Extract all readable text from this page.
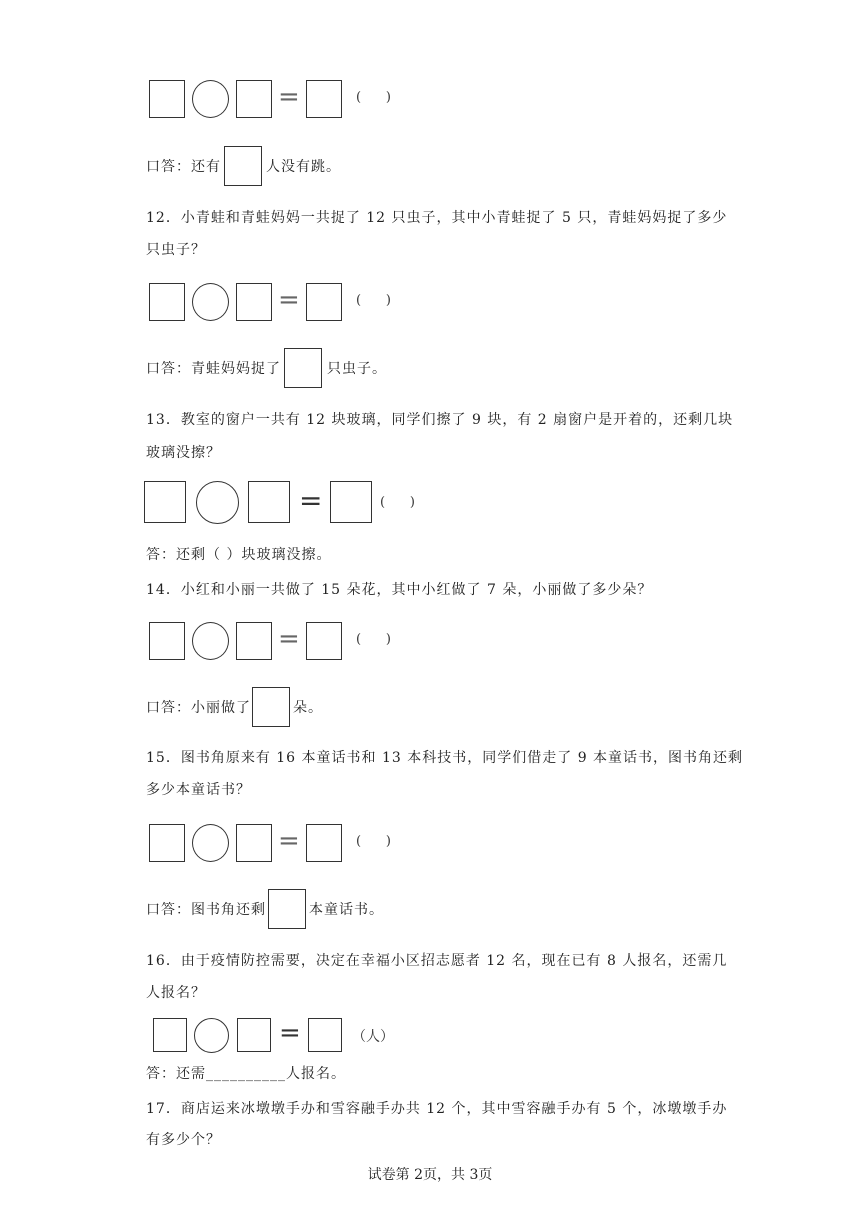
=	(      )
口答：还有	人没有跳。
12．小青蛙和青蛙妈妈一共捉了 12 只虫子，其中小青蛙捉了 5 只，青蛙妈妈捉了多少
只虫子？
=	(      )
口答：青蛙妈妈捉了	只虫子。
13．教室的窗户一共有 12 块玻璃，同学们擦了 9 块，有 2 扇窗户是开着的，还剩几块
玻璃没擦？
=	(      )
答：还剩（ ）块玻璃没擦。
14．小红和小丽一共做了 15 朵花，其中小红做了 7 朵，小丽做了多少朵？
=	(      )
口答：小丽做了	朵。
15．图书角原来有 16 本童话书和 13 本科技书，同学们借走了 9 本童话书，图书角还剩
多少本童话书？
=	(      )
口答：图书角还剩	本童话书。
16．由于疫情防控需要，决定在幸福小区招志愿者 12 名，现在已有 8 人报名，还需几
人报名？
=	（人）
答：还需__________人报名。
17．商店运来冰墩墩手办和雪容融手办共 12 个，其中雪容融手办有 5 个，冰墩墩手办
有多少个？
试卷第 2页，共 3页
